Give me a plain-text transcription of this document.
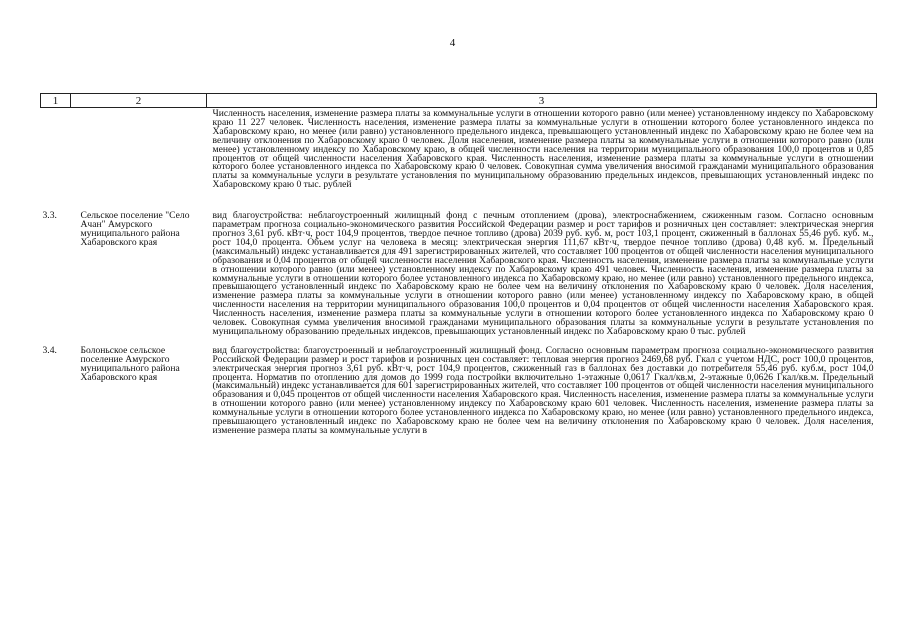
4
1	2	3
		Численность населения, изменение размера платы за коммунальные услуги в отношении которого равно (или менее) установленному индексу по Хабаровскому краю 11 227 человек. Численность населения, изменение размера платы за коммунальные услуги в отношении которого более установленного индекса по Хабаровскому краю, но менее (или равно) установленного предельного индекса, превышающего установленный индекс по Хабаровскому краю не более чем на величину отклонения по Хабаровскому краю 0 человек. Доля населения, изменение размера платы за коммунальные услуги в отношении которого равно (или менее) установленному индексу по Хабаровскому краю, в общей численности населения на территории муниципального образования 100,0 процентов и 0,85 процентов от общей численности населения Хабаровского края. Численность населения, изменение размера платы за коммунальные услуги в отношении которого более установленного индекса по Хабаровскому краю 0 человек. Совокупная сумма увеличения вносимой гражданами муниципального образования платы за коммунальные услуги в результате установления по муниципальному образованию предельных индексов, превышающих установленный индекс по Хабаровскому краю 0 тыс. рублей
3.3.	Сельское поселение "Село Ачан" Амурского муниципального района Хабаровского края	вид благоустройства: неблагоустроенный жилищный фонд с печным отоплением (дрова), электроснабжением, сжиженным газом. Согласно основным параметрам прогноза социально-экономического развития Российской Федерации размер и рост тарифов и розничных цен составляет: электрическая энергия прогноз 3,61 руб. кВт·ч, рост 104,9 процентов, твердое печное топливо (дрова) 2039 руб. куб. м, рост 103,1 процент, сжиженный в баллонах 55,46 руб. куб. м., рост 104,0 процента. Объем услуг на человека в месяц: электрическая энергия 111,67 кВт·ч, твердое печное топливо (дрова) 0,48 куб. м. Предельный (максимальный) индекс устанавливается для 491 зарегистрированных жителей, что составляет 100 процентов от общей численности населения муниципального образования и 0,04 процентов от общей численности населения Хабаровского края. Численность населения, изменение размера платы за коммунальные услуги в отношении которого равно (или менее) установленному индексу по Хабаровскому краю 491 человек. Численность населения, изменение размера платы за коммунальные услуги в отношении которого более установленного индекса по Хабаровскому краю, но менее (или равно) установленного предельного индекса, превышающего установленный индекс по Хабаровскому краю не более чем на величину отклонения по Хабаровскому краю 0 человек. Доля населения, изменение размера платы за коммунальные услуги в отношении которого равно (или менее) установленному индексу по Хабаровскому краю, в общей численности населения на территории муниципального образования 100,0 процентов и 0,04 процентов от общей численности населения Хабаровского края. Численность населения, изменение размера платы за коммунальные услуги в отношении которого более установленного индекса по Хабаровскому краю 0 человек. Совокупная сумма увеличения вносимой гражданами муниципального образования платы за коммунальные услуги в результате установления по муниципальному образованию предельных индексов, превышающих установленный индекс по Хабаровскому краю 0 тыс. рублей
3.4.	Болоньское сельское поселение Амурского муниципального района Хабаровского края	вид благоустройства: благоустроенный и неблагоустроенный жилищный фонд. Согласно основным параметрам прогноза социально-экономического развития Российской Федерации размер и рост тарифов и розничных цен составляет: тепловая энергия прогноз 2469,68 руб. Гкал с учетом НДС, рост 100,0 процентов, электрическая энергия прогноз 3,61 руб. кВт·ч, рост 104,9 процентов, сжиженный газ в баллонах без доставки до потребителя 55,46 руб. куб.м, рост 104,0 процента. Норматив по отоплению для домов до 1999 года постройки включительно 1-этажные 0,0617 Гкал/кв.м, 2-этажные 0,0626 Гкал/кв.м. Предельный (максимальный) индекс устанавливается для 601 зарегистрированных жителей, что составляет 100 процентов от общей численности населения муниципального образования и 0,045 процентов от общей численности населения Хабаровского края. Численность населения, изменение размера платы за коммунальные услуги в отношении которого равно (или менее) установленному индексу по Хабаровскому краю 601 человек. Численность населения, изменение размера платы за коммунальные услуги в отношении которого более установленного индекса по Хабаровскому краю, но менее (или равно) установленного предельного индекса, превышающего установленный индекс по Хабаровскому краю не более чем на величину отклонения по Хабаровскому краю 0 человек. Доля населения, изменение размера платы за коммунальные услуги в
